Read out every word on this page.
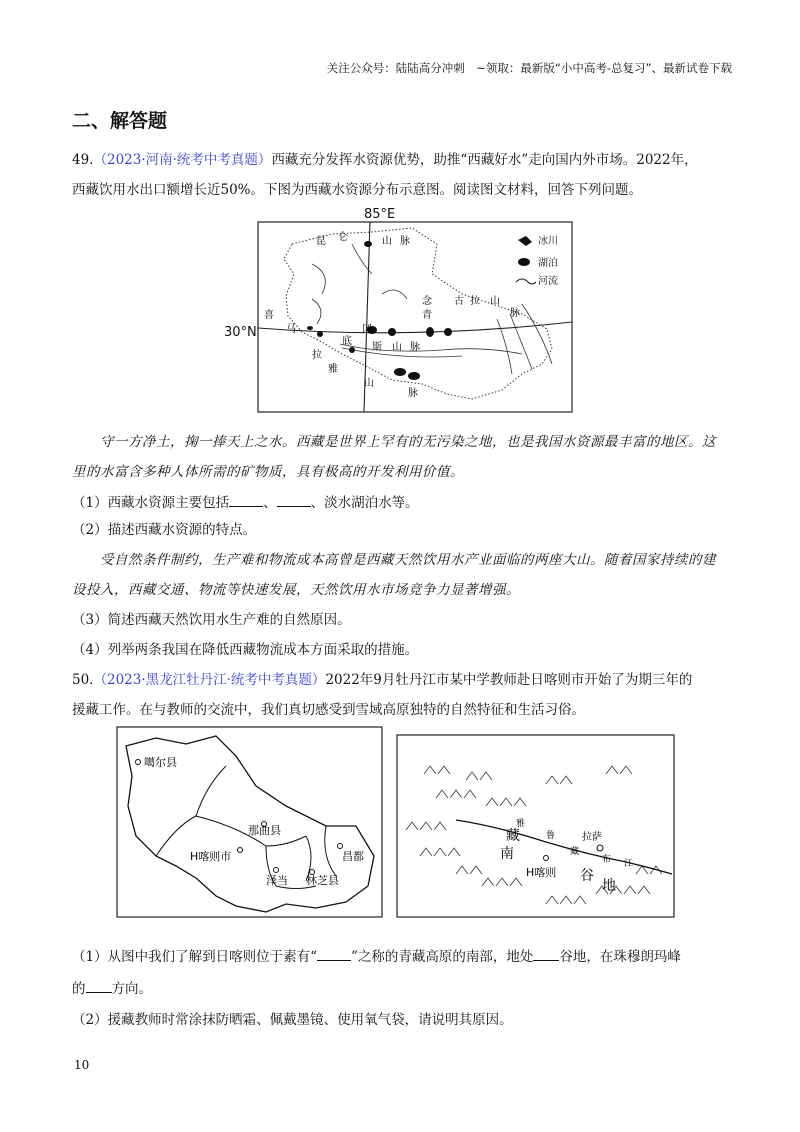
关注公众号：陆陆高分冲刺　~领取：最新版“小中高考-总复习”、最新试卷下载
二、解答题
49.（2023·河南·统考中考真题）西藏充分发挥水资源优势，助推“西藏好水”走向国内外市场。2022年，
西藏饮用水出口额增长近50%。下图为西藏水资源分布示意图。阅读图文材料，回答下列问题。
85°E
30°N
冰川
湖泊
河流
昆 仑	山 脉
念 古 拉 山
脉
青
冈
底
斯 山 脉
喜
马
拉
雅
山
脉
守一方净土，掬一捧天上之水。西藏是世界上罕有的无污染之地，也是我国水资源最丰富的地区。这
里的水富含多种人体所需的矿物质，具有极高的开发利用价值。
（1）西藏水资源主要包括	、	、淡水湖泊水等。
（2）描述西藏水资源的特点。
受自然条件制约，生产难和物流成本高曾是西藏天然饮用水产业面临的两座大山。随着国家持续的建
设投入，西藏交通、物流等快速发展，天然饮用水市场竞争力显著增强。
（3）简述西藏天然饮用水生产难的自然原因。
（4）列举两条我国在降低西藏物流成本方面采取的措施。
50.（2023·黑龙江牡丹江·统考中考真题）2022年9月牡丹江市某中学教师赴日喀则市开始了为期三年的
援藏工作。在与教师的交流中，我们真切感受到雪域高原独特的自然特征和生活习俗。
噶尔县
那曲县
H喀则市	昌都
泽当 林芝县
拉萨
H喀则
藏
南
谷
地
雅
鲁
藏
布 江
（1）从图中我们了解到日喀则位于素有“	”之称的青藏高原的南部，地处 谷地，在珠穆朗玛峰
的 方向。
（2）援藏教师时常涂抹防晒霜、佩戴墨镜、使用氧气袋，请说明其原因。
10
